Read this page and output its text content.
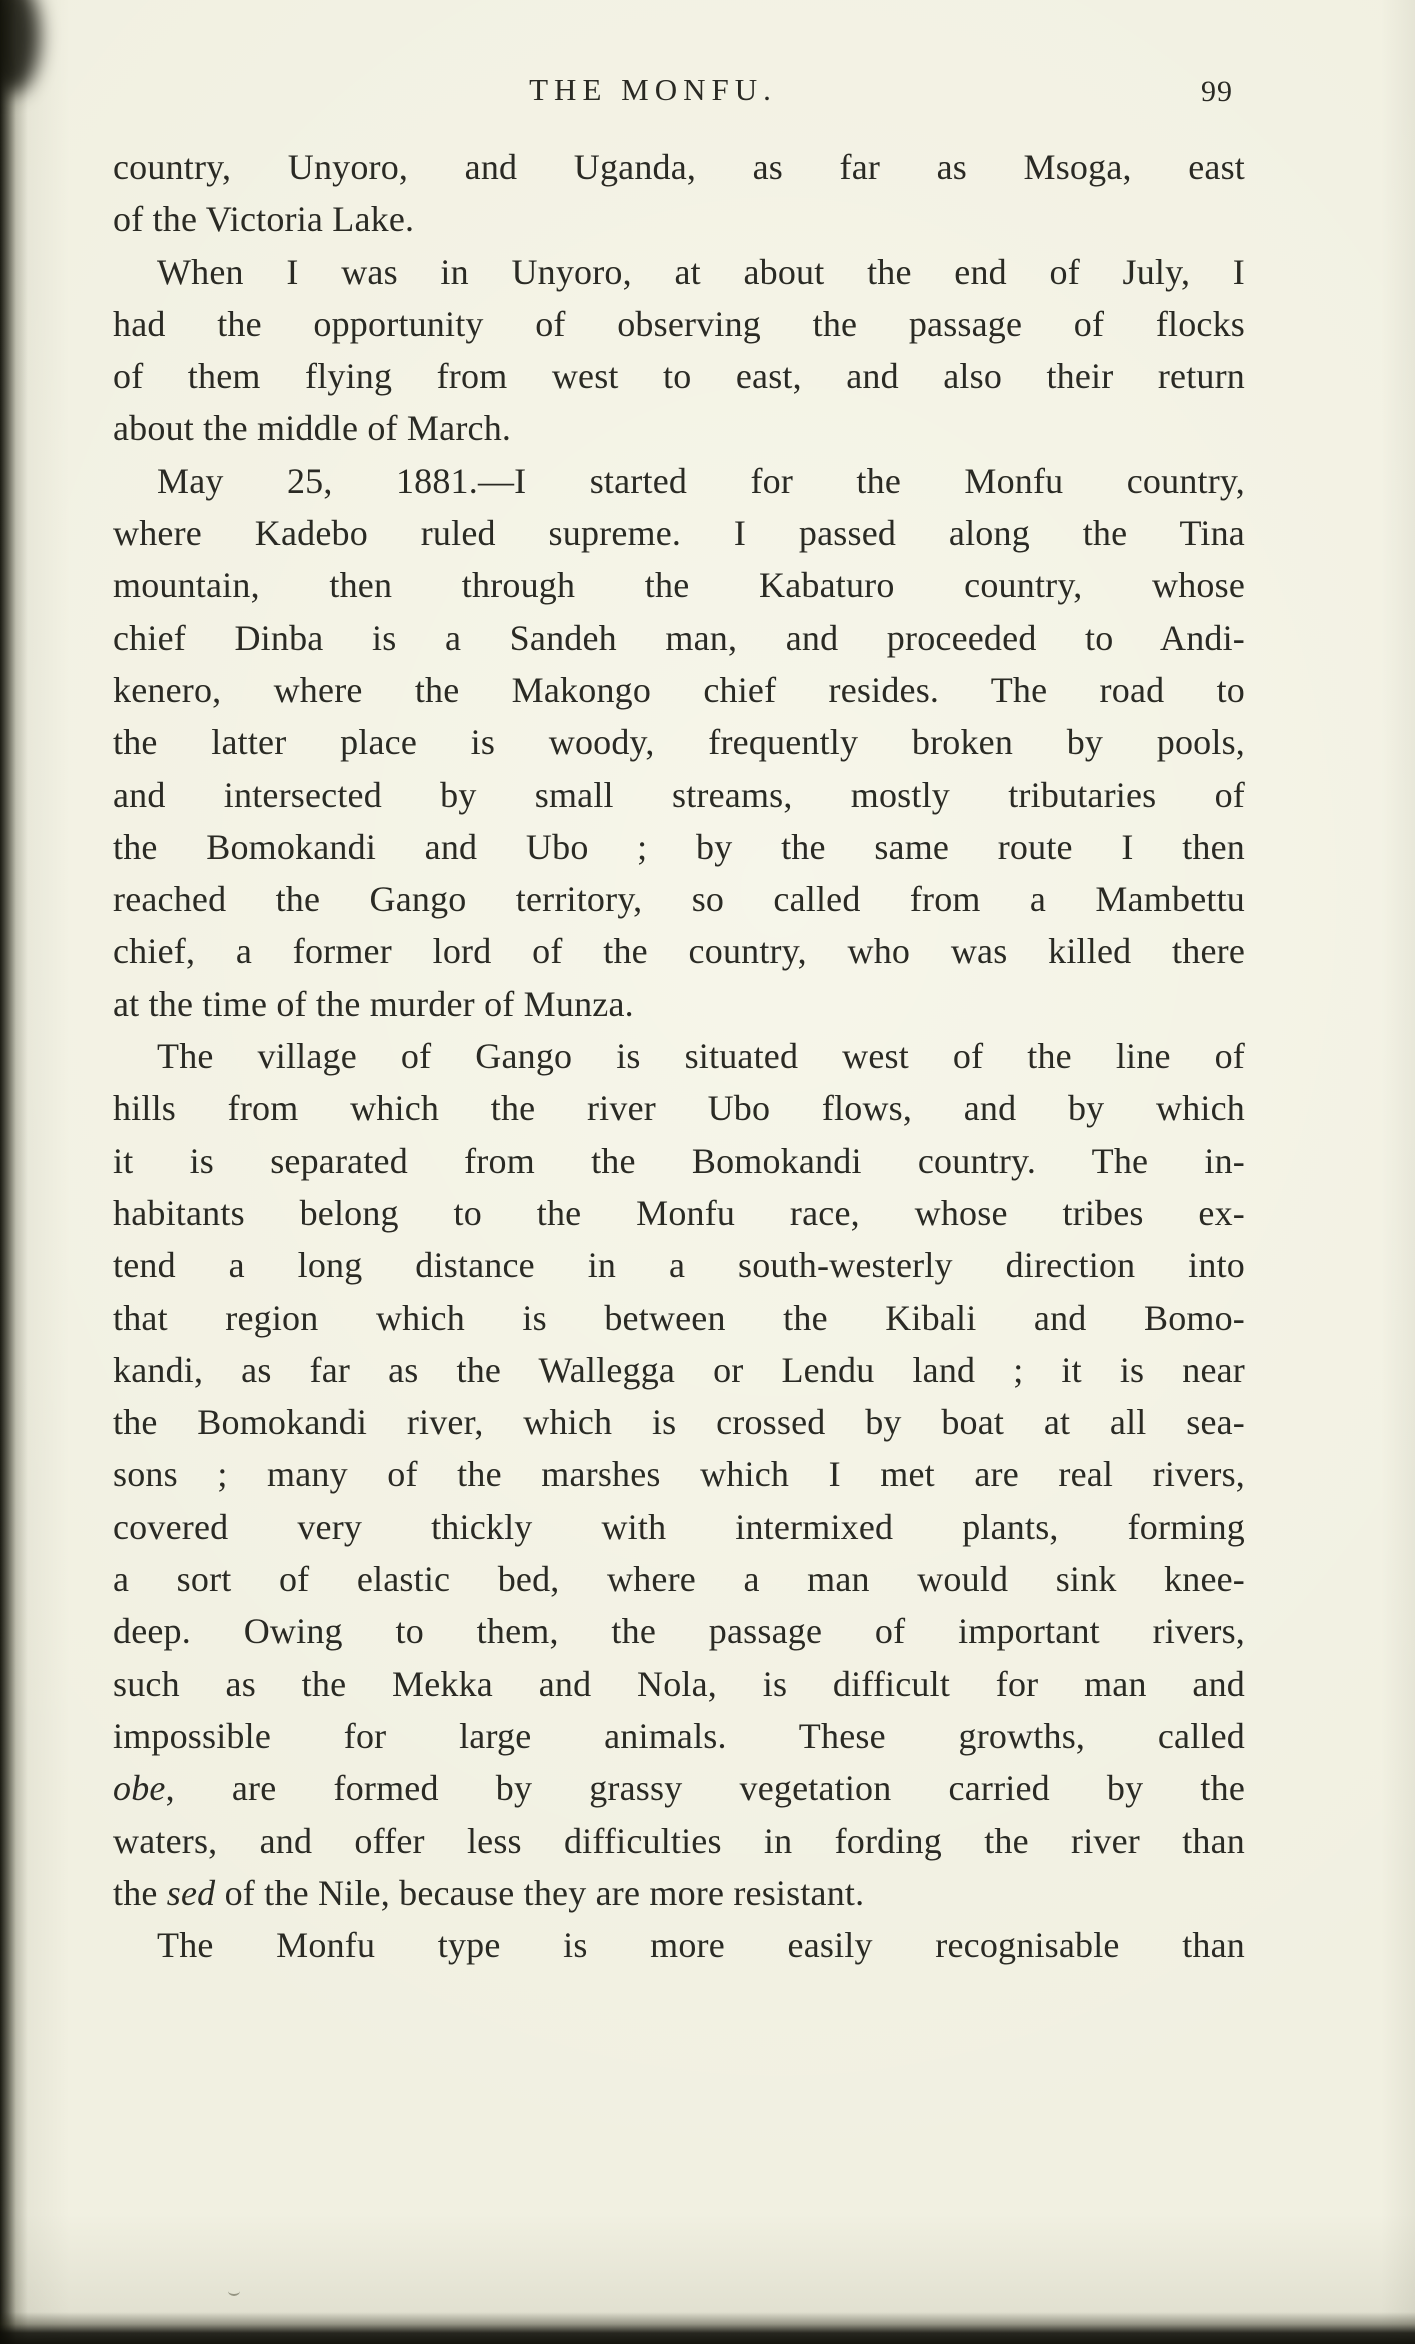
THE MONFU.	99
country, Unyoro, and Uganda, as far as Msoga, east
of the Victoria Lake.
When I was in Unyoro, at about the end of July, I
had the opportunity of observing the passage of flocks
of them flying from west to east, and also their return
about the middle of March.
May 25, 1881.—I started for the Monfu country,
where Kadebo ruled supreme. I passed along the Tina
mountain, then through the Kabaturo country, whose
chief Dinba is a Sandeh man, and proceeded to Andi-
kenero, where the Makongo chief resides. The road to
the latter place is woody, frequently broken by pools,
and intersected by small streams, mostly tributaries of
the Bomokandi and Ubo ; by the same route I then
reached the Gango territory, so called from a Mambettu
chief, a former lord of the country, who was killed there
at the time of the murder of Munza.
The village of Gango is situated west of the line of
hills from which the river Ubo flows, and by which
it is separated from the Bomokandi country. The in-
habitants belong to the Monfu race, whose tribes ex-
tend a long distance in a south-westerly direction into
that region which is between the Kibali and Bomo-
kandi, as far as the Wallegga or Lendu land ; it is near
the Bomokandi river, which is crossed by boat at all sea-
sons ; many of the marshes which I met are real rivers,
covered very thickly with intermixed plants, forming
a sort of elastic bed, where a man would sink knee-
deep. Owing to them, the passage of important rivers,
such as the Mekka and Nola, is difficult for man and
impossible for large animals. These growths, called
obe, are formed by grassy vegetation carried by the
waters, and offer less difficulties in fording the river than
the sed of the Nile, because they are more resistant.
The Monfu type is more easily recognisable than
